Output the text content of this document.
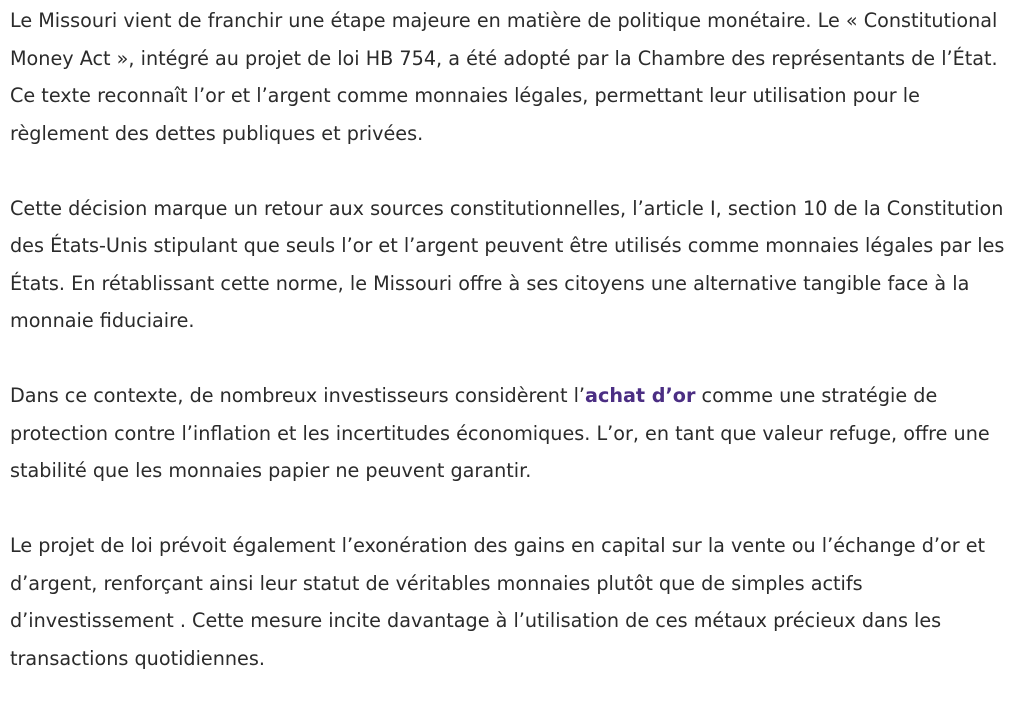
Le Missouri vient de franchir une étape majeure en matière de politique monétaire. Le « Constitutional Money Act », intégré au projet de loi HB 754, a été adopté par la Chambre des représentants de l’État. Ce texte reconnaît l’or et l’argent comme monnaies légales, permettant leur utilisation pour le règlement des dettes publiques et privées.

Cette décision marque un retour aux sources constitutionnelles, l’article I, section 10 de la Constitution des États-Unis stipulant que seuls l’or et l’argent peuvent être utilisés comme monnaies légales par les États. En rétablissant cette norme, le Missouri offre à ses citoyens une alternative tangible face à la monnaie fiduciaire.

Dans ce contexte, de nombreux investisseurs considèrent l’achat d’or comme une stratégie de protection contre l’inflation et les incertitudes économiques. L’or, en tant que valeur refuge, offre une stabilité que les monnaies papier ne peuvent garantir.

Le projet de loi prévoit également l’exonération des gains en capital sur la vente ou l’échange d’or et d’argent, renforçant ainsi leur statut de véritables monnaies plutôt que de simples actifs d’investissement . Cette mesure incite davantage à l’utilisation de ces métaux précieux dans les transactions quotidiennes.
